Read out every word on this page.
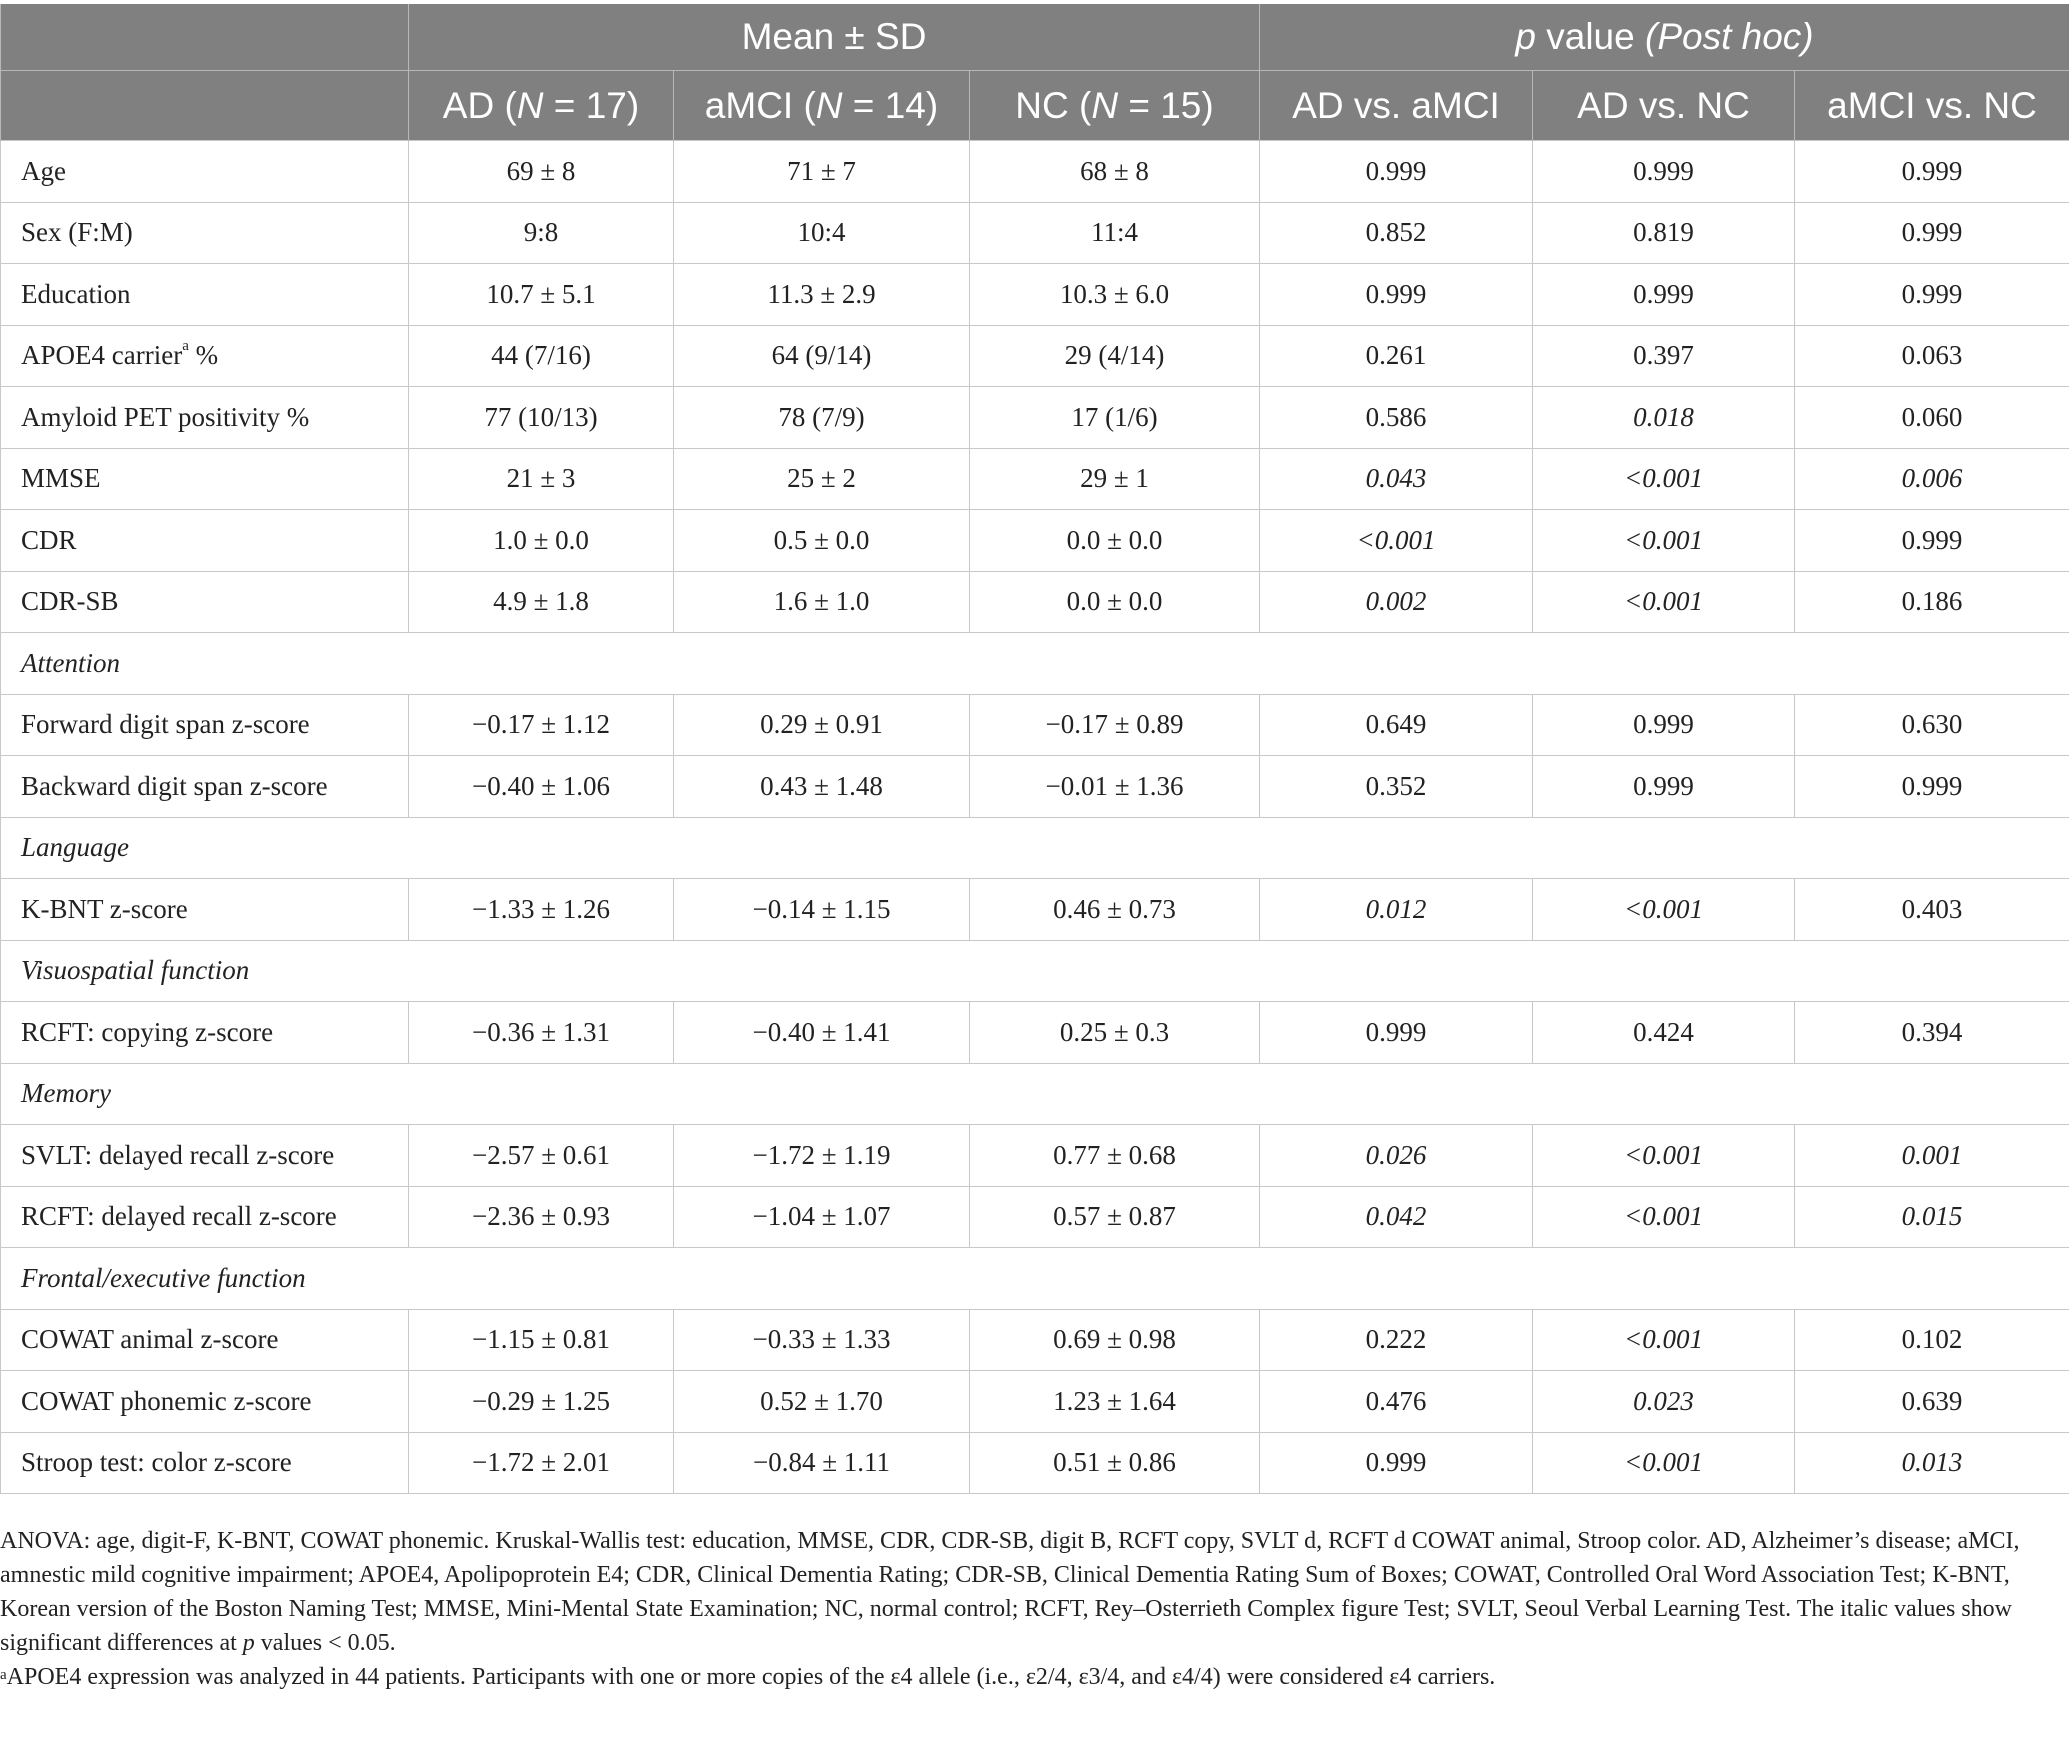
	Mean ± SD			p value (Post hoc)		
	AD (N = 17)	aMCI (N = 14)	NC (N = 15)	AD vs. aMCI	AD vs. NC	aMCI vs. NC
Age	69 ± 8	71 ± 7	68 ± 8	0.999	0.999	0.999
Sex (F:M)	9:8	10:4	11:4	0.852	0.819	0.999
Education	10.7 ± 5.1	11.3 ± 2.9	10.3 ± 6.0	0.999	0.999	0.999
APOE4 carrier$^a$ %	44 (7/16)	64 (9/14)	29 (4/14)	0.261	0.397	0.063
Amyloid PET positivity %	77 (10/13)	78 (7/9)	17 (1/6)	0.586	0.018	0.060
MMSE	21 ± 3	25 ± 2	29 ± 1	0.043	<0.001	0.006
CDR	1.0 ± 0.0	0.5 ± 0.0	0.0 ± 0.0	<0.001	<0.001	0.999
CDR-SB	4.9 ± 1.8	1.6 ± 1.0	0.0 ± 0.0	0.002	<0.001	0.186
Attention						
Forward digit span z-score	−0.17 ± 1.12	0.29 ± 0.91	−0.17 ± 0.89	0.649	0.999	0.630
Backward digit span z-score	−0.40 ± 1.06	0.43 ± 1.48	−0.01 ± 1.36	0.352	0.999	0.999
Language						
K-BNT z-score	−1.33 ± 1.26	−0.14 ± 1.15	0.46 ± 0.73	0.012	<0.001	0.403
Visuospatial function						
RCFT: copying z-score	−0.36 ± 1.31	−0.40 ± 1.41	0.25 ± 0.3	0.999	0.424	0.394
Memory						
SVLT: delayed recall z-score	−2.57 ± 0.61	−1.72 ± 1.19	0.77 ± 0.68	0.026	<0.001	0.001
RCFT: delayed recall z-score	−2.36 ± 0.93	−1.04 ± 1.07	0.57 ± 0.87	0.042	<0.001	0.015
Frontal/executive function						
COWAT animal z-score	−1.15 ± 0.81	−0.33 ± 1.33	0.69 ± 0.98	0.222	<0.001	0.102
COWAT phonemic z-score	−0.29 ± 1.25	0.52 ± 1.70	1.23 ± 1.64	0.476	0.023	0.639
Stroop test: color z-score	−1.72 ± 2.01	−0.84 ± 1.11	0.51 ± 0.86	0.999	<0.001	0.013

ANOVA: age, digit-F, K-BNT, COWAT phonemic. Kruskal-Wallis test: education, MMSE, CDR, CDR-SB, digit B, RCFT copy, SVLT d, RCFT d COWAT animal, Stroop color. AD, Alzheimer’s disease; aMCI, amnestic mild cognitive impairment; APOE4, Apolipoprotein E4; CDR, Clinical Dementia Rating; CDR-SB, Clinical Dementia Rating Sum of Boxes; COWAT, Controlled Oral Word Association Test; K-BNT, Korean version of the Boston Naming Test; MMSE, Mini-Mental State Examination; NC, normal control; RCFT, Rey–Osterrieth Complex figure Test; SVLT, Seoul Verbal Learning Test. The italic values show significant differences at p values < 0.05.

$^a$APOE4 expression was analyzed in 44 patients. Participants with one or more copies of the ε4 allele (i.e., ε2/4, ε3/4, and ε4/4) were considered ε4 carriers.
